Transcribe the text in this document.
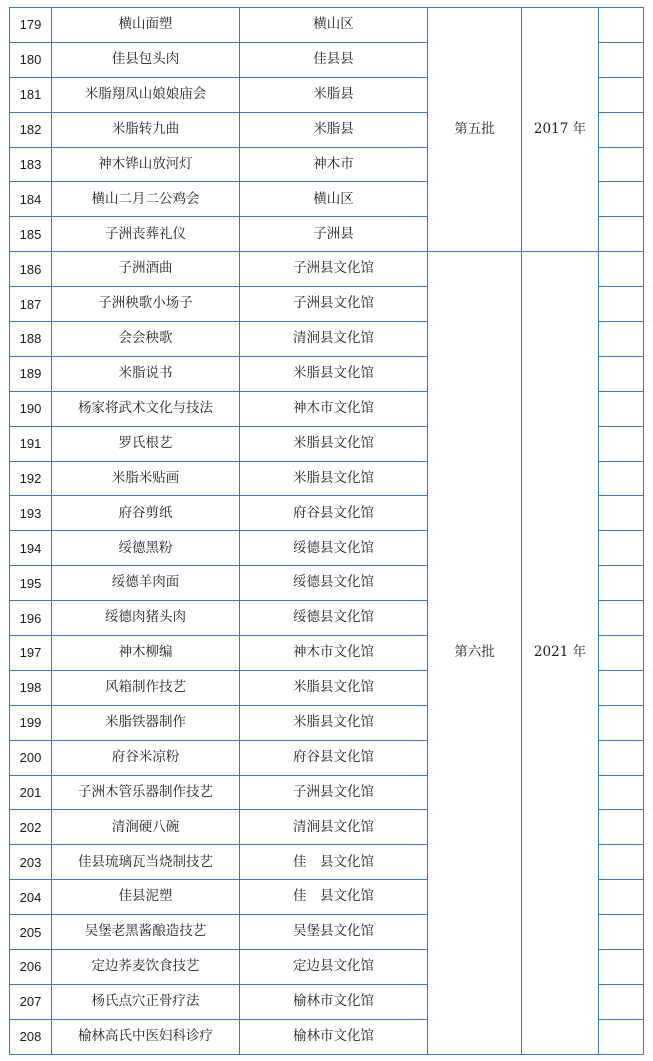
179	横山面塑	横山区	第五批	2017 年	
180	佳县包头肉	佳县县			
181	米脂翔凤山娘娘庙会	米脂县			
182	米脂转九曲	米脂县			
183	神木铧山放河灯	神木市			
184	横山二月二公鸡会	横山区			
185	子洲丧葬礼仪	子洲县			
186	子洲酒曲	子洲县文化馆	第六批	2021 年	
187	子洲秧歌小场子	子洲县文化馆			
188	会会秧歌	清涧县文化馆			
189	米脂说书	米脂县文化馆			
190	杨家将武术文化与技法	神木市文化馆			
191	罗氏根艺	米脂县文化馆			
192	米脂米贴画	米脂县文化馆			
193	府谷剪纸	府谷县文化馆			
194	绥德黑粉	绥德县文化馆			
195	绥德羊肉面	绥德县文化馆			
196	绥德肉猪头肉	绥德县文化馆			
197	神木柳编	神木市文化馆			
198	风箱制作技艺	米脂县文化馆			
199	米脂铁器制作	米脂县文化馆			
200	府谷米凉粉	府谷县文化馆			
201	子洲木管乐器制作技艺	子洲县文化馆			
202	清涧硬八碗	清涧县文化馆			
203	佳县琉璃瓦当烧制技艺	佳　县文化馆			
204	佳县泥塑	佳　县文化馆			
205	吴堡老黑酱酿造技艺	吴堡县文化馆			
206	定边荞麦饮食技艺	定边县文化馆			
207	杨氏点穴正骨疗法	榆林市文化馆			
208	榆林高氏中医妇科诊疗	榆林市文化馆			
